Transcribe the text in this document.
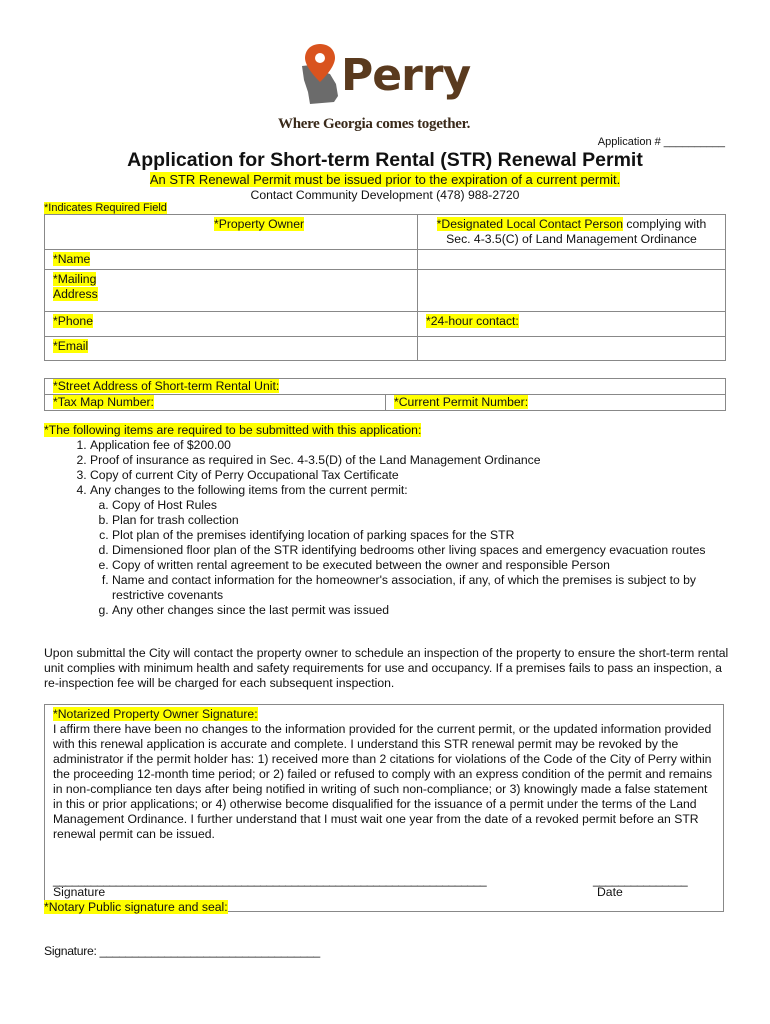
Perry
Where Georgia comes together.
Application # __________
Application for Short-term Rental (STR) Renewal Permit
An STR Renewal Permit must be issued prior to the expiration of a current permit.
Contact Community Development (478) 988-2720
*Indicates Required Field
	*Property Owner	*Designated Local Contact Person complying with
Sec. 4-3.5(C) of Land Management Ordinance
*Name		
*Mailing
Address		
*Phone		*24-hour contact:
*Email		
*Street Address of Short-term Rental Unit:
*Tax Map Number:	*Current Permit Number:
*The following items are required to be submitted with this application:
1. Application fee of $200.00
2. Proof of insurance as required in Sec. 4-3.5(D) of the Land Management Ordinance
3. Copy of current City of Perry Occupational Tax Certificate
4. Any changes to the following items from the current permit:
a. Copy of Host Rules
b. Plan for trash collection
c. Plot plan of the premises identifying location of parking spaces for the STR
d. Dimensioned floor plan of the STR identifying bedrooms other living spaces and emergency evacuation routes
e. Copy of written rental agreement to be executed between the owner and responsible Person
f. Name and contact information for the homeowner's association, if any, of which the premises is subject to by restrictive covenants
g. Any other changes since the last permit was issued
Upon submittal the City will contact the property owner to schedule an inspection of the property to ensure the short-term rental unit complies with minimum health and safety requirements for use and occupancy. If a premises fails to pass an inspection, a re-inspection fee will be charged for each subsequent inspection.
*Notarized Property Owner Signature:
I affirm there have been no changes to the information provided for the current permit, or the updated information provided with this renewal application is accurate and complete. I understand this STR renewal permit may be revoked by the administrator if the permit holder has: 1) received more than 2 citations for violations of the Code of the City of Perry within the proceeding 12-month time period; or 2) failed or refused to comply with an express condition of the permit and remains in non-compliance ten days after being notified in writing of such non-compliance; or 3) knowingly made a false statement in this or prior applications; or 4) otherwise become disqualified for the issuance of a permit under the terms of the Land Management Ordinance. I further understand that I must wait one year from the date of a revoked permit before an STR renewal permit can be issued.
_____________________________________________________________________
Signature
_______________
Date
*Notary Public signature and seal:
Signature: __________________________________
